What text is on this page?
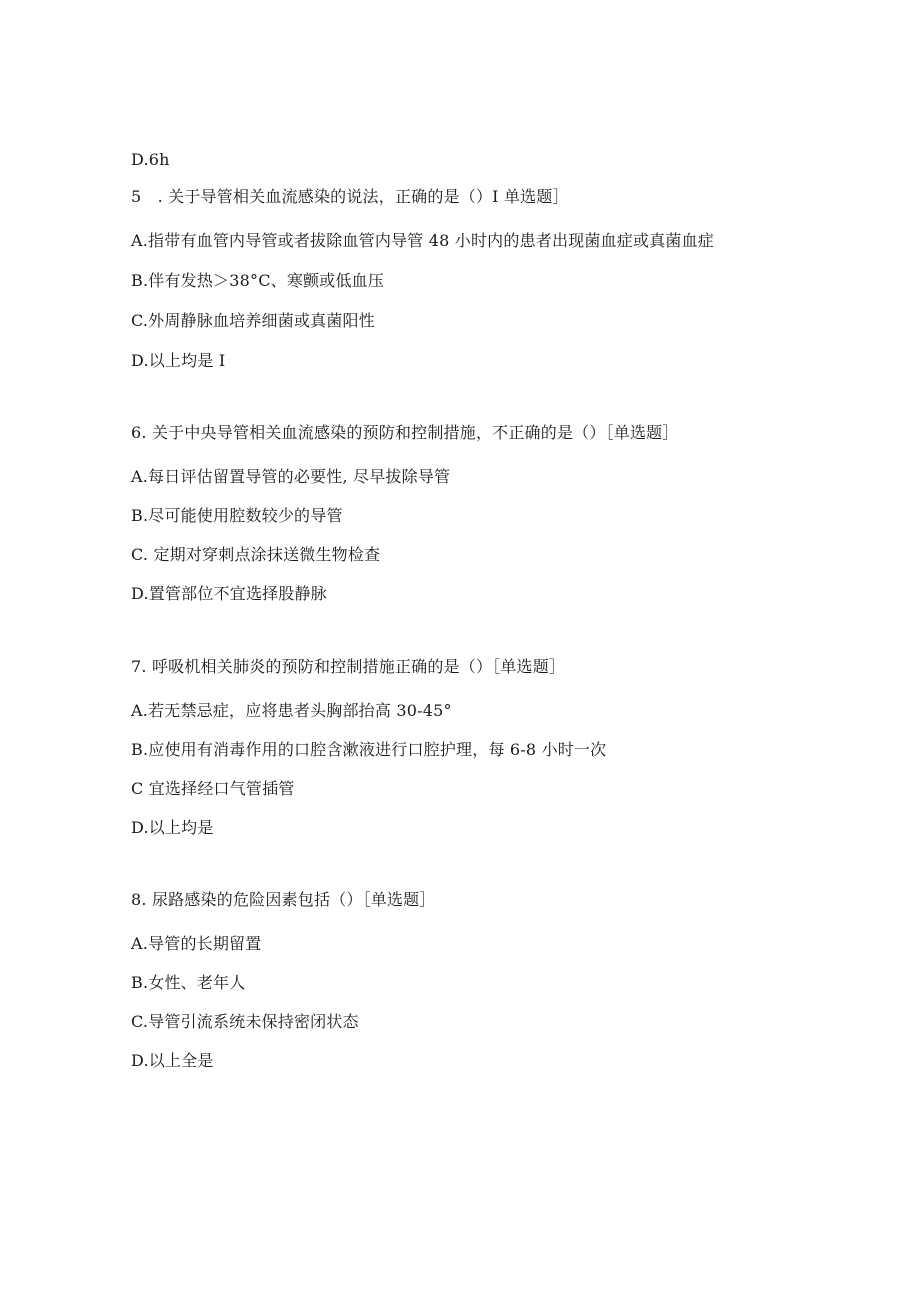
D.6h
5　. 关于导管相关血流感染的说法，正确的是（）I 单选题］
A.指带有血管内导管或者拔除血管内导管 48 小时内的患者出现菌血症或真菌血症
B.伴有发热＞38°C、寒颤或低血压
C.外周静脉血培养细菌或真菌阳性
D.以上均是 I
6. 关于中央导管相关血流感染的预防和控制措施，不正确的是（）［单选题］
A.每日评估留置导管的必要性, 尽早拔除导管
B.尽可能使用腔数较少的导管
C. 定期对穿刺点涂抹送微生物检查
D.置管部位不宜选择股静脉
7. 呼吸机相关肺炎的预防和控制措施正确的是（）［单选题］
A.若无禁忌症，应将患者头胸部抬高 30-45°
B.应使用有消毒作用的口腔含漱液进行口腔护理，每 6-8 小时一次
C 宜选择经口气管插管
D.以上均是
8. 尿路感染的危险因素包括（）［单选题］
A.导管的长期留置
B.女性、老年人
C.导管引流系统未保持密闭状态
D.以上全是
